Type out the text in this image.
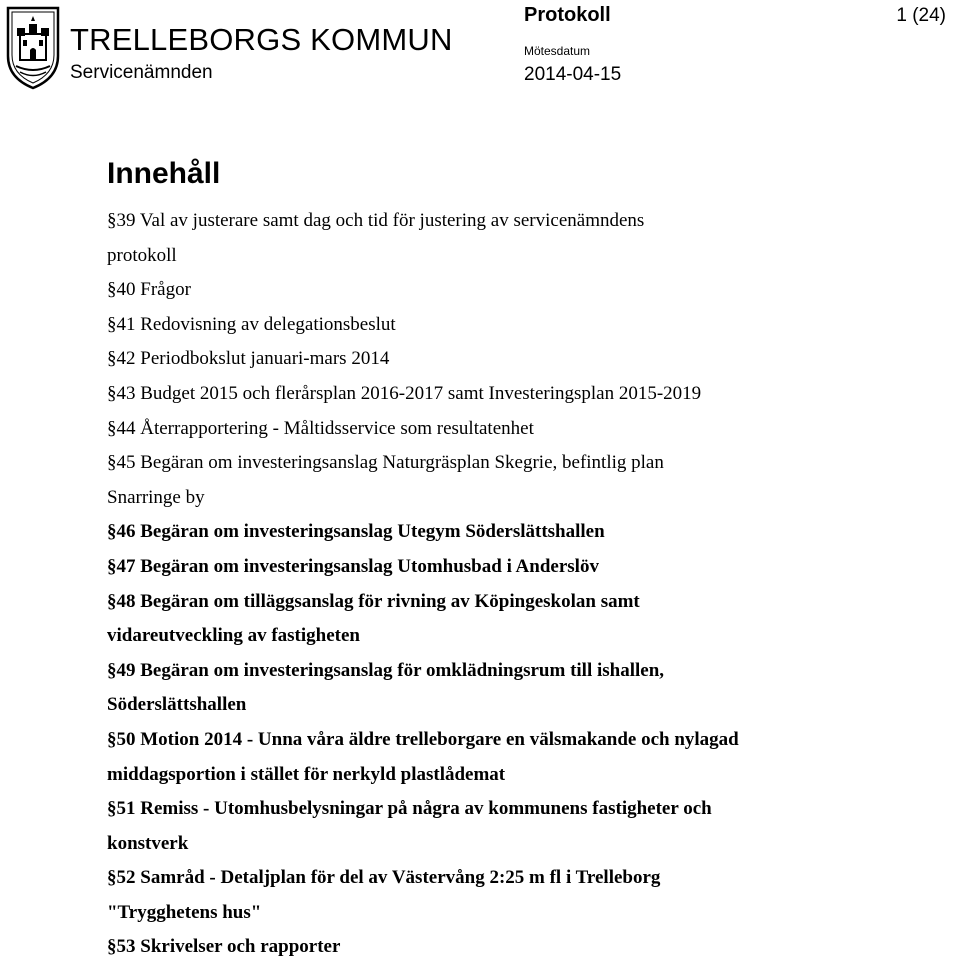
TRELLEBORGS KOMMUN
Servicenämnden
Protokoll	1 (24)
Mötesdatum
2014-04-15
Innehåll
§39 Val av justerare samt dag och tid för justering av servicenämndens
protokoll
§40 Frågor
§41 Redovisning av delegationsbeslut
§42 Periodbokslut januari-mars 2014
§43 Budget 2015 och flerårsplan 2016-2017 samt Investeringsplan 2015-2019
§44 Återrapportering - Måltidsservice som resultatenhet
§45 Begäran om investeringsanslag Naturgräsplan Skegrie, befintlig plan
Snarringe by
§46 Begäran om investeringsanslag Utegym Söderslättshallen
§47 Begäran om investeringsanslag Utomhusbad i Anderslöv
§48 Begäran om tilläggsanslag för rivning av Köpingeskolan samt
vidareutveckling av fastigheten
§49 Begäran om investeringsanslag för omklädningsrum till ishallen,
Söderslättshallen
§50 Motion 2014 - Unna våra äldre trelleborgare en välsmakande och nylagad
middagsportion i stället för nerkyld plastlådemat
§51 Remiss - Utomhusbelysningar på några av kommunens fastigheter och
konstverk
§52 Samråd - Detaljplan för del av Västervång 2:25 m fl i Trelleborg
"Trygghetens hus"
§53 Skrivelser och rapporter
